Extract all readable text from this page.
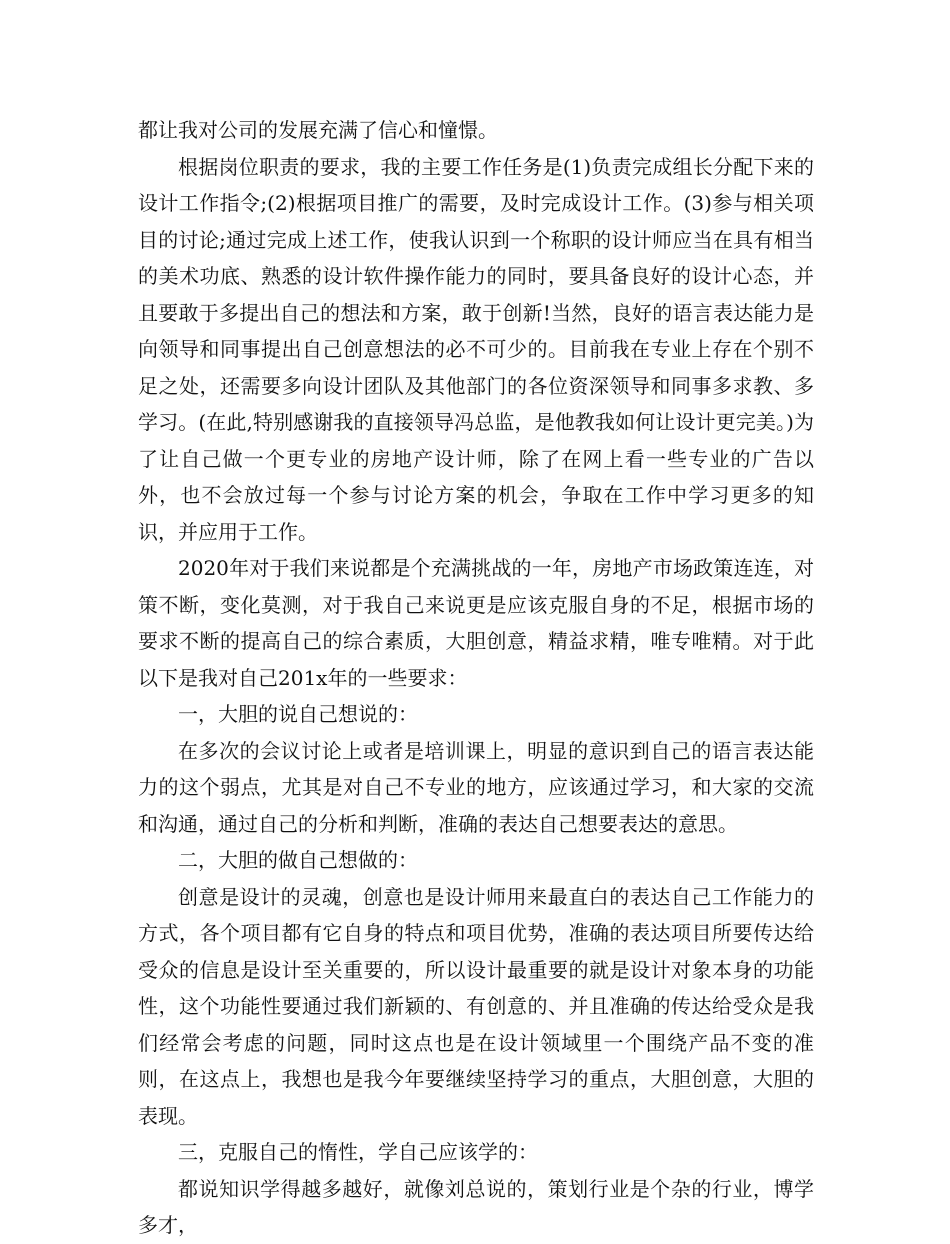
都让我对公司的发展充满了信心和憧憬。

根据岗位职责的要求，我的主要工作任务是(1)负责完成组长分配下来的设计工作指令;(2)根据项目推广的需要，及时完成设计工作。(3)参与相关项目的讨论;通过完成上述工作，使我认识到一个称职的设计师应当在具有相当的美术功底、熟悉的设计软件操作能力的同时，要具备良好的设计心态，并且要敢于多提出自己的想法和方案，敢于创新!当然，良好的语言表达能力是向领导和同事提出自己创意想法的必不可少的。目前我在专业上存在个别不足之处，还需要多向设计团队及其他部门的各位资深领导和同事多求教、多学习。(在此,特别感谢我的直接领导冯总监，是他教我如何让设计更完美。)为了让自己做一个更专业的房地产设计师，除了在网上看一些专业的广告以外，也不会放过每一个参与讨论方案的机会，争取在工作中学习更多的知识，并应用于工作。

2020年对于我们来说都是个充满挑战的一年，房地产市场政策连连，对策不断，变化莫测，对于我自己来说更是应该克服自身的不足，根据市场的要求不断的提高自己的综合素质，大胆创意，精益求精，唯专唯精。对于此以下是我对自己201x年的一些要求：

一，大胆的说自己想说的：

在多次的会议讨论上或者是培训课上，明显的意识到自己的语言表达能力的这个弱点，尤其是对自己不专业的地方，应该通过学习，和大家的交流和沟通，通过自己的分析和判断，准确的表达自己想要表达的意思。

二，大胆的做自己想做的：

创意是设计的灵魂，创意也是设计师用来最直白的表达自己工作能力的方式，各个项目都有它自身的特点和项目优势，准确的表达项目所要传达给受众的信息是设计至关重要的，所以设计最重要的就是设计对象本身的功能性，这个功能性要通过我们新颖的、有创意的、并且准确的传达给受众是我们经常会考虑的问题，同时这点也是在设计领域里一个围绕产品不变的准则，在这点上，我想也是我今年要继续坚持学习的重点，大胆创意，大胆的表现。

三，克服自己的惰性，学自己应该学的：

都说知识学得越多越好，就像刘总说的，策划行业是个杂的行业，博学多才，
